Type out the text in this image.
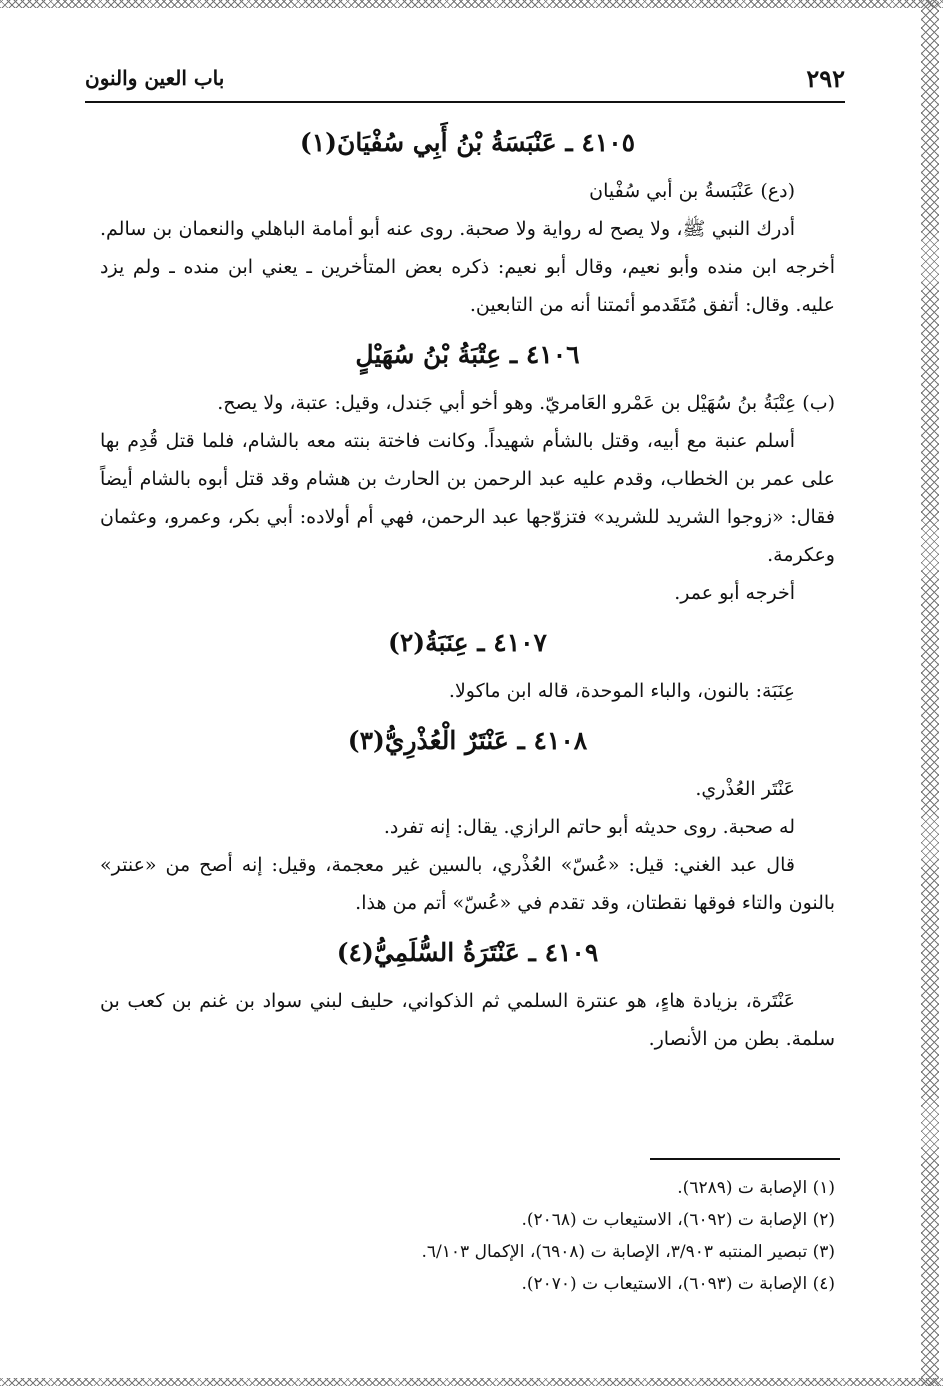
٢٩٢
باب العين والنون
٤١٠٥ ـ عَنْبَسَةُ بْنُ أَبِي سُفْيَانَ(١)

(دع) عَنْبَسةُ بن أبي سُفْيان

أدرك النبي ﷺ، ولا يصح له رواية ولا صحبة. روى عنه أبو أمامة الباهلي والنعمان بن سالم. أخرجه ابن منده وأبو نعيم، وقال أبو نعيم: ذكره بعض المتأخرين ـ يعني ابن منده ـ ولم يزد عليه. وقال: أتفق مُتَقَدمو أئمتنا أنه من التابعين.

٤١٠٦ ـ عِتْبَةُ بْنُ سُهَيْلٍ

(ب) عِتْبَةُ بنُ سُهَيْل بن عَمْرو العَامريّ. وهو أخو أبي جَندل، وقيل: عتبة، ولا يصح.

أسلم عنبة مع أبيه، وقتل بالشأم شهيداً. وكانت فاختة بنته معه بالشام، فلما قتل قُدِم بها على عمر بن الخطاب، وقدم عليه عبد الرحمن بن الحارث بن هشام وقد قتل أبوه بالشام أيضاً فقال: «زوجوا الشريد للشريد» فتزوّجها عبد الرحمن، فهي أم أولاده: أبي بكر، وعمرو، وعثمان وعكرمة.

أخرجه أبو عمر.

٤١٠٧ ـ عِنَبَةُ(٢)

عِنَبَة: بالنون، والباء الموحدة، قاله ابن ماكولا.

٤١٠٨ ـ عَنْتَرٌ الْعُذْرِيُّ(٣)

عَنْتَر العُذْري.

له صحبة. روى حديثه أبو حاتم الرازي. يقال: إنه تفرد.

قال عبد الغني: قيل: «عُسّ» العُذْري، بالسين غير معجمة، وقيل: إنه أصح من «عنتر» بالنون والتاء فوقها نقطتان، وقد تقدم في «عُسّ» أتم من هذا.

٤١٠٩ ـ عَنْتَرَةُ السُّلَمِيُّ(٤)

عَنْتَرة، بزيادة هاءٍ، هو عنترة السلمي ثم الذكواني، حليف لبني سواد بن غنم بن كعب بن سلمة. بطن من الأنصار.

(١) الإصابة ت (٦٢٨٩).
(٢) الإصابة ت (٦٠٩٢)، الاستيعاب ت (٢٠٦٨).
(٣) تبصير المنتبه ٣/٩٠٣، الإصابة ت (٦٩٠٨)، الإكمال ٦/١٠٣.
(٤) الإصابة ت (٦٠٩٣)، الاستيعاب ت (٢٠٧٠).
